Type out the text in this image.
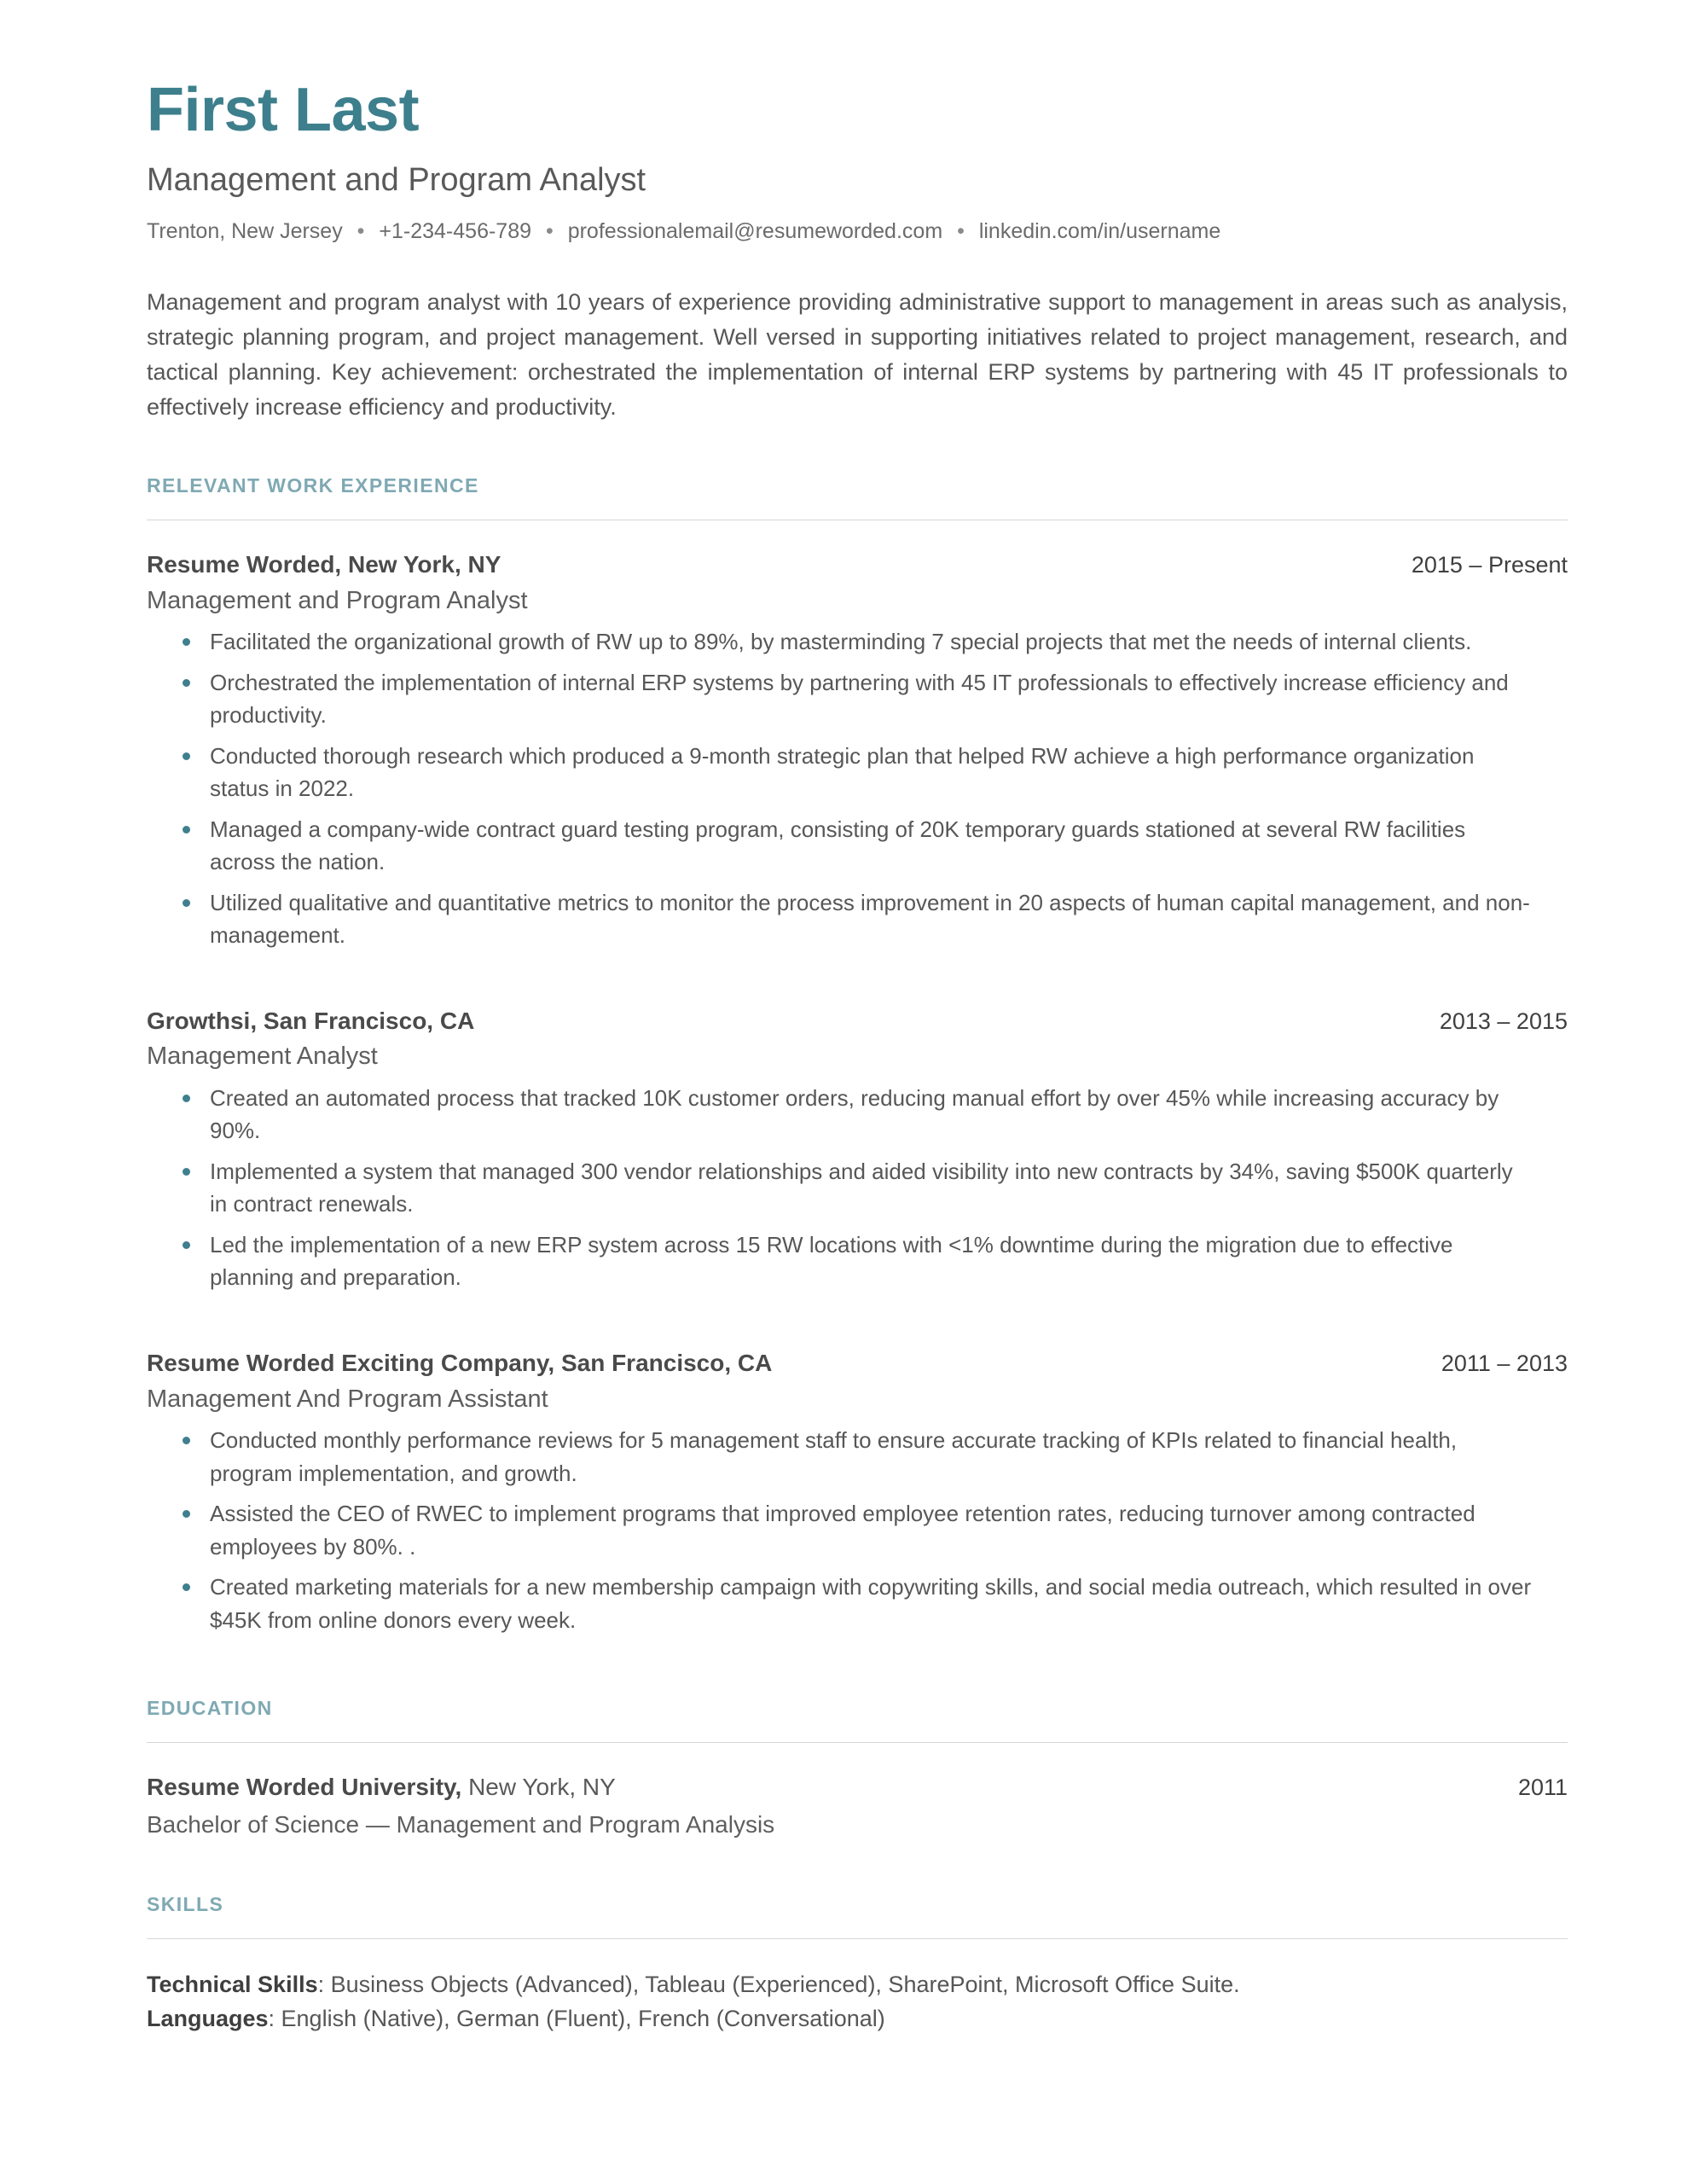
First Last
Management and Program Analyst
Trenton, New Jersey • +1-234-456-789 • professionalemail@resumeworded.com • linkedin.com/in/username

Management and program analyst with 10 years of experience providing administrative support to management in areas such as analysis, strategic planning program, and project management. Well versed in supporting initiatives related to project management, research, and tactical planning. Key achievement: orchestrated the implementation of internal ERP systems by partnering with 45 IT professionals to effectively increase efficiency and productivity.

RELEVANT WORK EXPERIENCE
Resume Worded, New York, NY	2015 – Present
Management and Program Analyst
Facilitated the organizational growth of RW up to 89%, by masterminding 7 special projects that met the needs of internal clients.
Orchestrated the implementation of internal ERP systems by partnering with 45 IT professionals to effectively increase efficiency and productivity.
Conducted thorough research which produced a 9-month strategic plan that helped RW achieve a high performance organization status in 2022.
Managed a company-wide contract guard testing program, consisting of 20K temporary guards stationed at several RW facilities across the nation.
Utilized qualitative and quantitative metrics to monitor the process improvement in 20 aspects of human capital management, and non-management.
Growthsi, San Francisco, CA	2013 – 2015
Management Analyst
Created an automated process that tracked 10K customer orders, reducing manual effort by over 45% while increasing accuracy by 90%.
Implemented a system that managed 300 vendor relationships and aided visibility into new contracts by 34%, saving $500K quarterly in contract renewals.
Led the implementation of a new ERP system across 15 RW locations with <1% downtime during the migration due to effective planning and preparation.
Resume Worded Exciting Company, San Francisco, CA	2011 – 2013
Management And Program Assistant
Conducted monthly performance reviews for 5 management staff to ensure accurate tracking of KPIs related to financial health, program implementation, and growth.
Assisted the CEO of RWEC to implement programs that improved employee retention rates, reducing turnover among contracted employees by 80%. .
Created marketing materials for a new membership campaign with copywriting skills, and social media outreach, which resulted in over $45K from online donors every week.
EDUCATION
Resume Worded University, New York, NY	2011
Bachelor of Science — Management and Program Analysis
SKILLS
Technical Skills: Business Objects (Advanced), Tableau (Experienced), SharePoint, Microsoft Office Suite.
Languages: English (Native), German (Fluent), French (Conversational)
